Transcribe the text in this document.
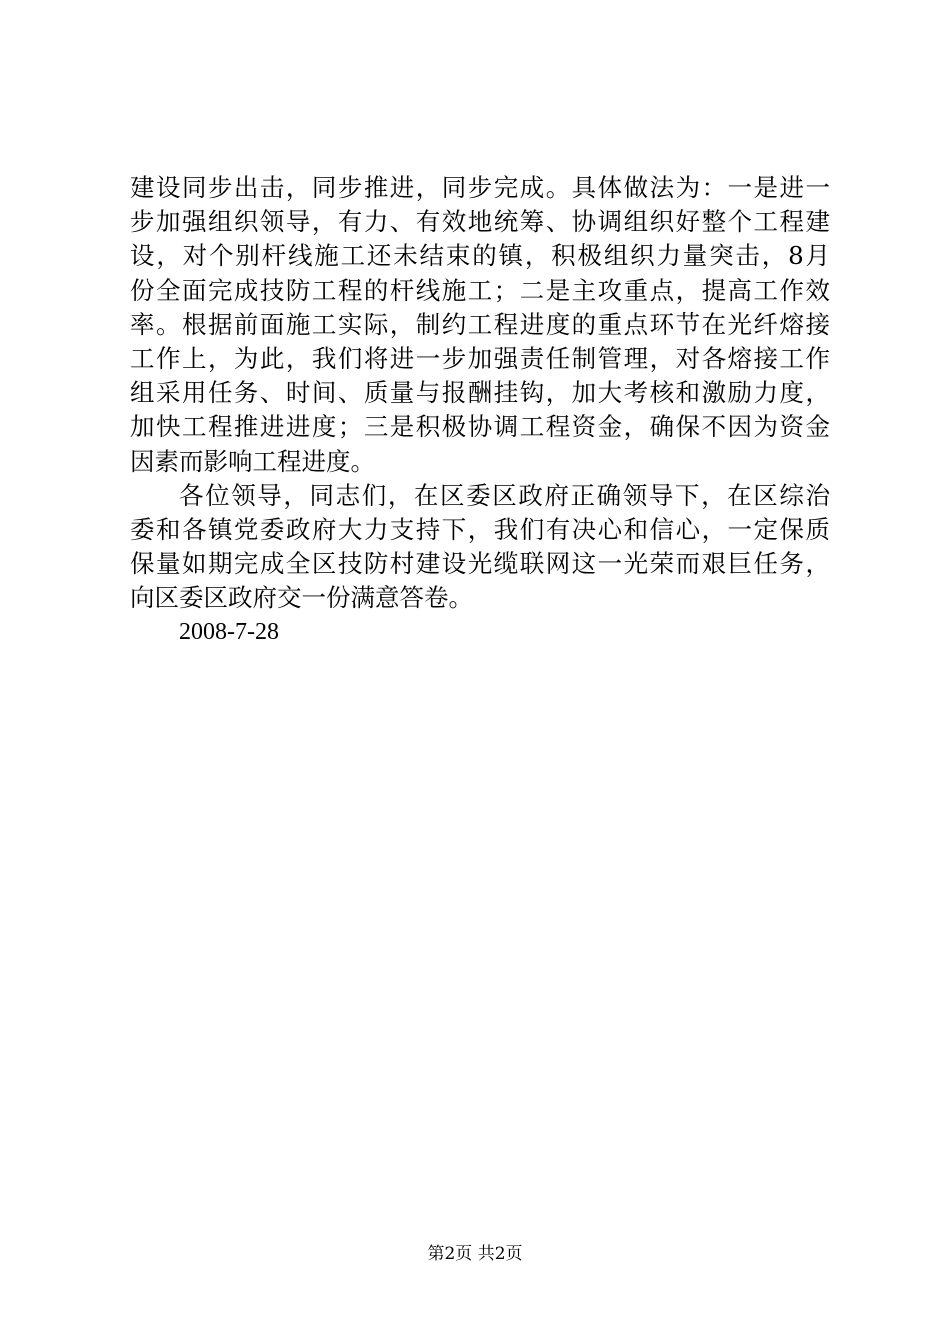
建设同步出击，同步推进，同步完成。具体做法为：一是进一
步加强组织领导，有力、有效地统筹、协调组织好整个工程建
设，对个别杆线施工还未结束的镇，积极组织力量突击，8月
份全面完成技防工程的杆线施工；二是主攻重点，提高工作效
率。根据前面施工实际，制约工程进度的重点环节在光纤熔接
工作上，为此，我们将进一步加强责任制管理，对各熔接工作
组采用任务、时间、质量与报酬挂钩，加大考核和激励力度，
加快工程推进进度；三是积极协调工程资金，确保不因为资金
因素而影响工程进度。
各位领导，同志们，在区委区政府正确领导下，在区综治
委和各镇党委政府大力支持下，我们有决心和信心，一定保质
保量如期完成全区技防村建设光缆联网这一光荣而艰巨任务，
向区委区政府交一份满意答卷。
2008-7-28
第2页 共2页
